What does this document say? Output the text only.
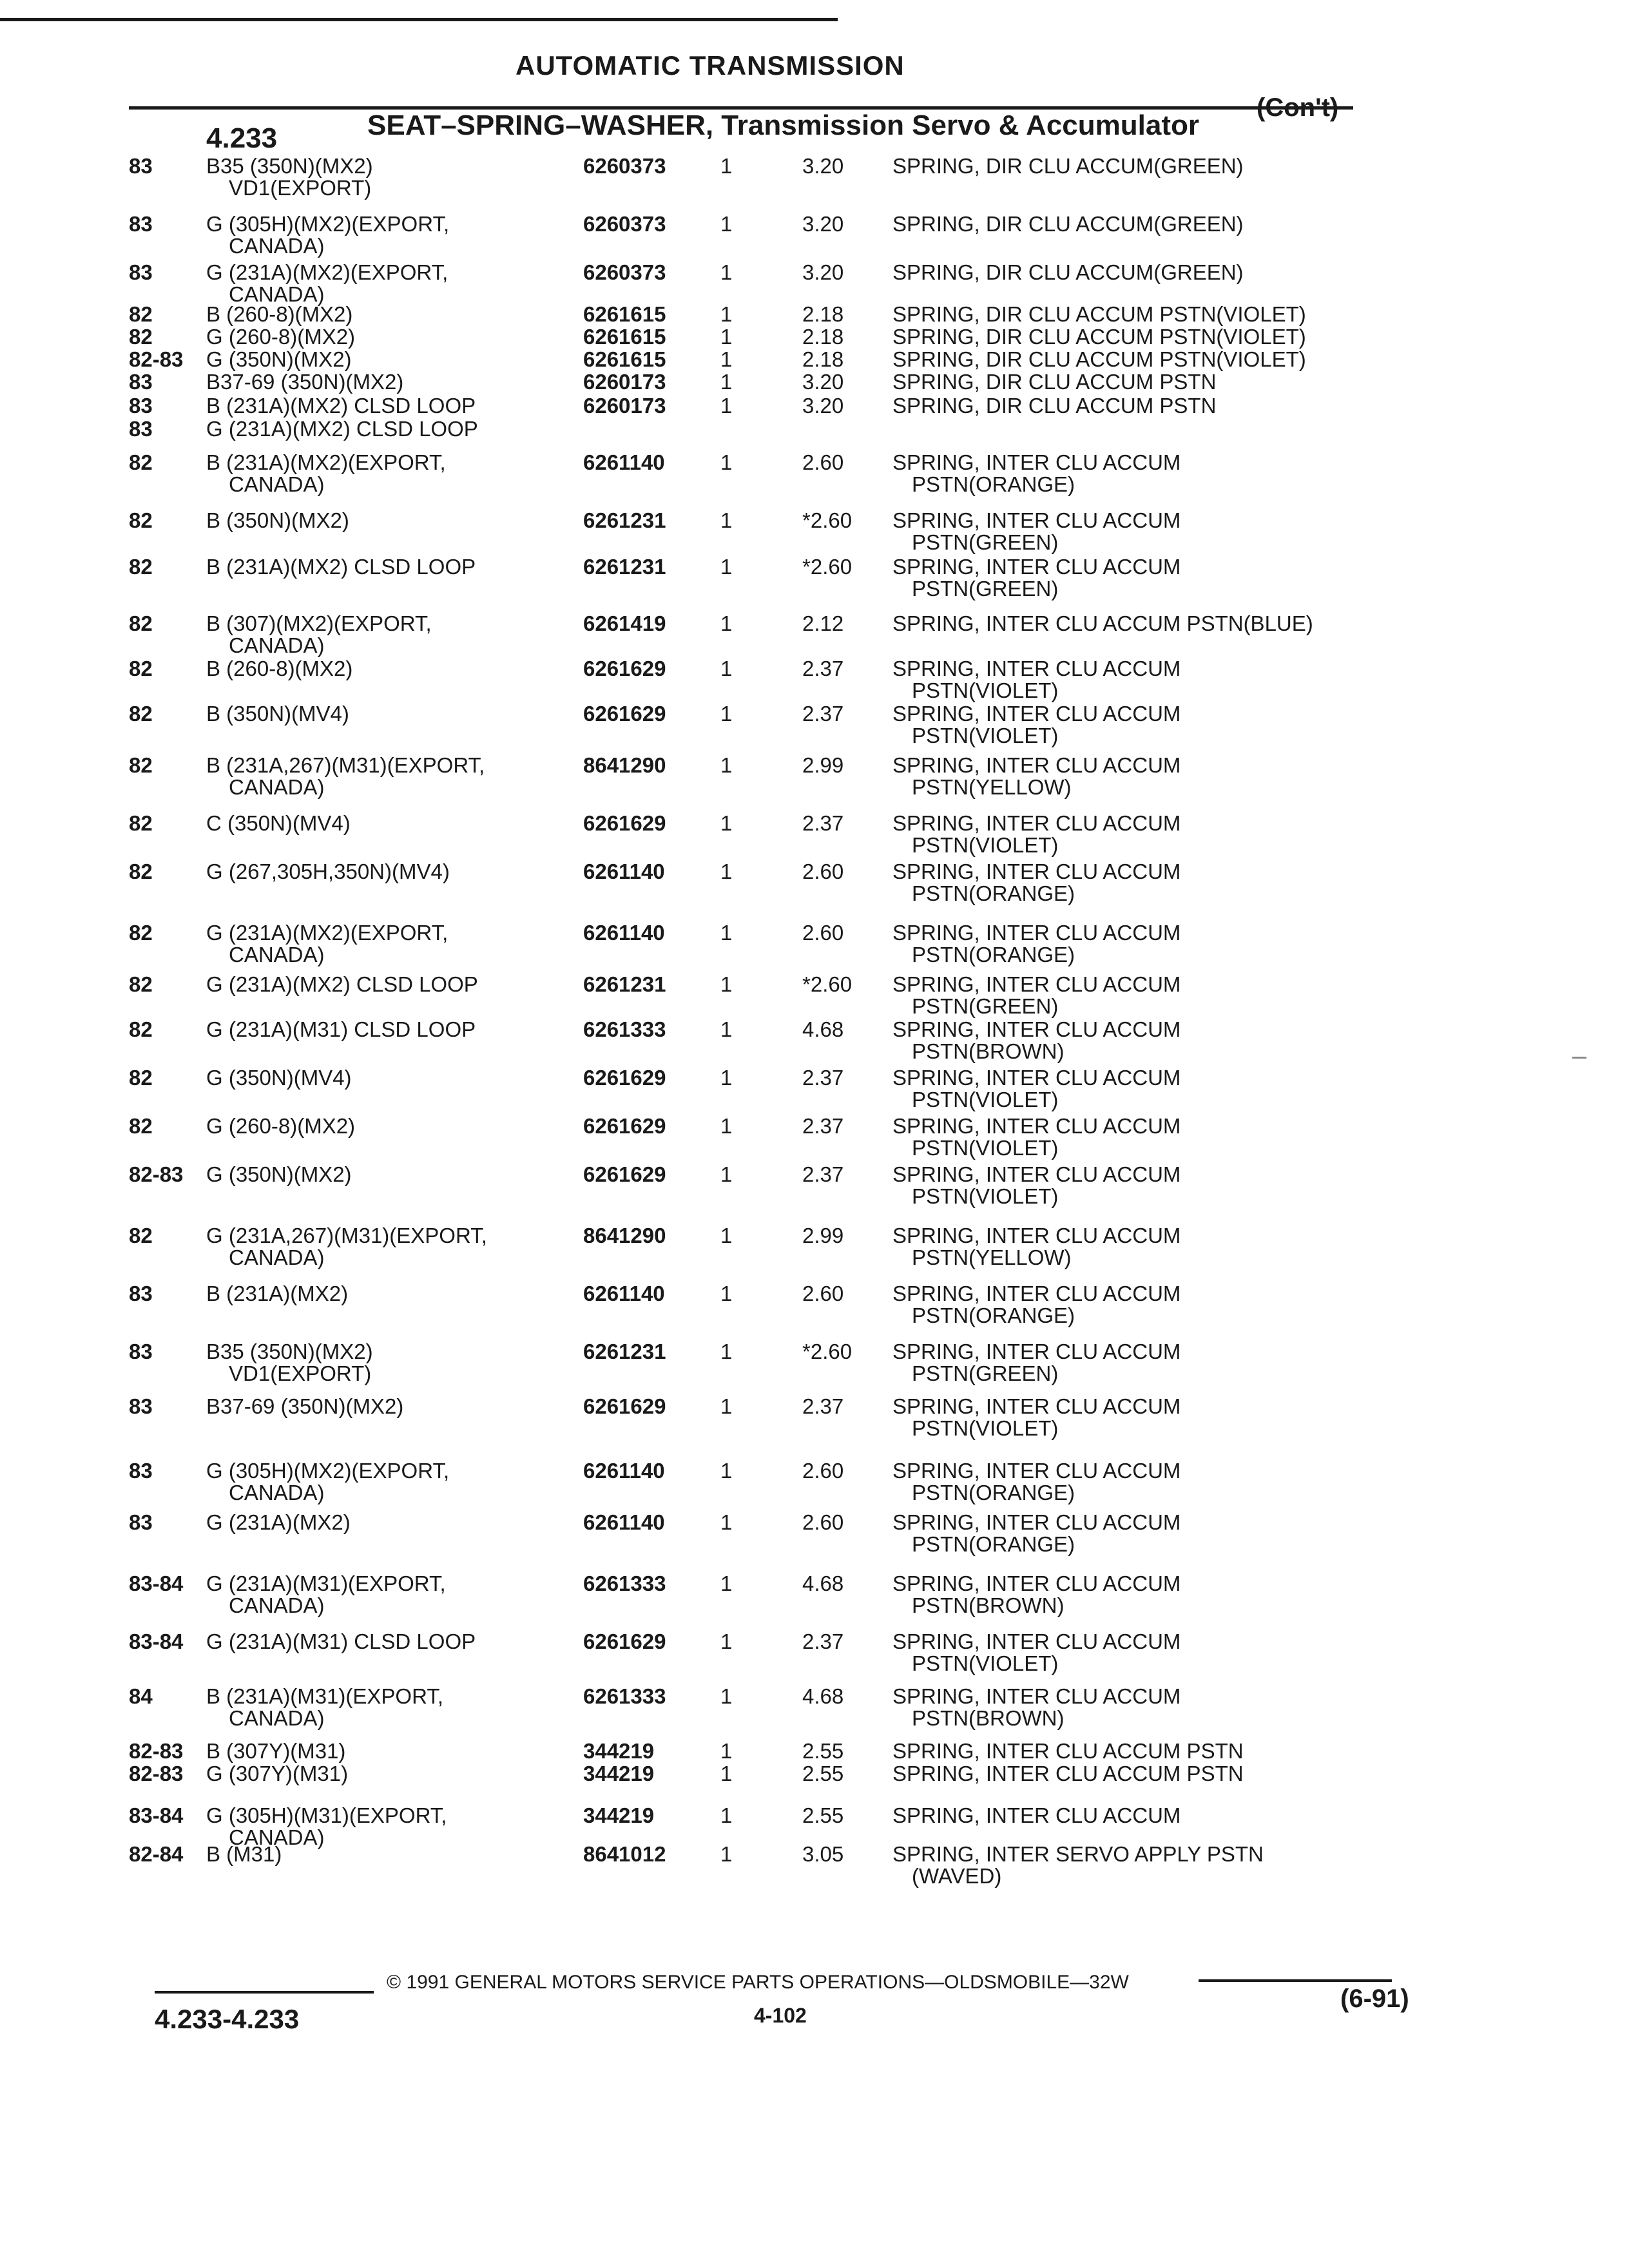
AUTOMATIC TRANSMISSION
4.233	SEAT–SPRING–WASHER, Transmission Servo & Accumulator
(Con't)
83	B35 (350N)(MX2)
VD1(EXPORT)
6260373	1	3.20 SPRING, DIR CLU ACCUM(GREEN)
83	G (305H)(MX2)(EXPORT,
CANADA)
6260373	1	3.20 SPRING, DIR CLU ACCUM(GREEN)
83	G (231A)(MX2)(EXPORT,
CANADA)
6260373	1	3.20 SPRING, DIR CLU ACCUM(GREEN)
82	B (260-8)(MX2)	6261615	1	2.18 SPRING, DIR CLU ACCUM PSTN(VIOLET)
82	G (260-8)(MX2)	6261615	1	2.18 SPRING, DIR CLU ACCUM PSTN(VIOLET)
82-83 G (350N)(MX2)	6261615	1	2.18 SPRING, DIR CLU ACCUM PSTN(VIOLET)
83	B37-69 (350N)(MX2)	6260173	1	3.20 SPRING, DIR CLU ACCUM PSTN
83	B (231A)(MX2) CLSD LOOP	6260173	1	3.20 SPRING, DIR CLU ACCUM PSTN
83	G (231A)(MX2) CLSD LOOP
82	B (231A)(MX2)(EXPORT,
CANADA)
6261140	1	2.60 SPRING, INTER CLU ACCUM
PSTN(ORANGE)
82	B (350N)(MX2)	6261231	1	*2.60 SPRING, INTER CLU ACCUM
PSTN(GREEN)
82	B (231A)(MX2) CLSD LOOP	6261231	1	*2.60 SPRING, INTER CLU ACCUM
PSTN(GREEN)
82	B (307)(MX2)(EXPORT,
CANADA)
6261419	1	2.12 SPRING, INTER CLU ACCUM PSTN(BLUE)
82	B (260-8)(MX2)	6261629	1	2.37 SPRING, INTER CLU ACCUM
PSTN(VIOLET)
82	B (350N)(MV4)	6261629	1	2.37 SPRING, INTER CLU ACCUM
PSTN(VIOLET)
82	B (231A,267)(M31)(EXPORT,
CANADA)
8641290	1	2.99 SPRING, INTER CLU ACCUM
PSTN(YELLOW)
82	C (350N)(MV4)	6261629	1	2.37 SPRING, INTER CLU ACCUM
PSTN(VIOLET)
82	G (267,305H,350N)(MV4)	6261140	1	2.60 SPRING, INTER CLU ACCUM
PSTN(ORANGE)
82	G (231A)(MX2)(EXPORT,
CANADA)
6261140	1	2.60 SPRING, INTER CLU ACCUM
PSTN(ORANGE)
82	G (231A)(MX2) CLSD LOOP	6261231	1	*2.60 SPRING, INTER CLU ACCUM
PSTN(GREEN)
82	G (231A)(M31) CLSD LOOP	6261333	1	4.68 SPRING, INTER CLU ACCUM
PSTN(BROWN)
82	G (350N)(MV4)	6261629	1	2.37 SPRING, INTER CLU ACCUM
PSTN(VIOLET)
82	G (260-8)(MX2)	6261629	1	2.37 SPRING, INTER CLU ACCUM
PSTN(VIOLET)
82-83 G (350N)(MX2)	6261629	1	2.37 SPRING, INTER CLU ACCUM
PSTN(VIOLET)
82	G (231A,267)(M31)(EXPORT,
CANADA)
8641290	1	2.99 SPRING, INTER CLU ACCUM
PSTN(YELLOW)
83	B (231A)(MX2)	6261140	1	2.60 SPRING, INTER CLU ACCUM
PSTN(ORANGE)
83	B35 (350N)(MX2)
VD1(EXPORT)
6261231	1	*2.60 SPRING, INTER CLU ACCUM
PSTN(GREEN)
83	B37-69 (350N)(MX2)	6261629	1	2.37 SPRING, INTER CLU ACCUM
PSTN(VIOLET)
83	G (305H)(MX2)(EXPORT,
CANADA)
6261140	1	2.60 SPRING, INTER CLU ACCUM
PSTN(ORANGE)
83	G (231A)(MX2)	6261140	1	2.60 SPRING, INTER CLU ACCUM
PSTN(ORANGE)
83-84 G (231A)(M31)(EXPORT,
CANADA)
6261333	1	4.68 SPRING, INTER CLU ACCUM
PSTN(BROWN)
83-84 G (231A)(M31) CLSD LOOP	6261629	1	2.37 SPRING, INTER CLU ACCUM
PSTN(VIOLET)
84	B (231A)(M31)(EXPORT,
CANADA)
6261333	1	4.68 SPRING, INTER CLU ACCUM
PSTN(BROWN)
82-83 B (307Y)(M31)	344219	1	2.55 SPRING, INTER CLU ACCUM PSTN
82-83 G (307Y)(M31)	344219	1	2.55 SPRING, INTER CLU ACCUM PSTN
83-84 G (305H)(M31)(EXPORT,
CANADA)
344219	1	2.55 SPRING, INTER CLU ACCUM
82-84 B (M31)	8641012	1	3.05 SPRING, INTER SERVO APPLY PSTN
(WAVED)
© 1991 GENERAL MOTORS SERVICE PARTS OPERATIONS—OLDSMOBILE—32W
4.233-4.233	4-102
(6-91)
